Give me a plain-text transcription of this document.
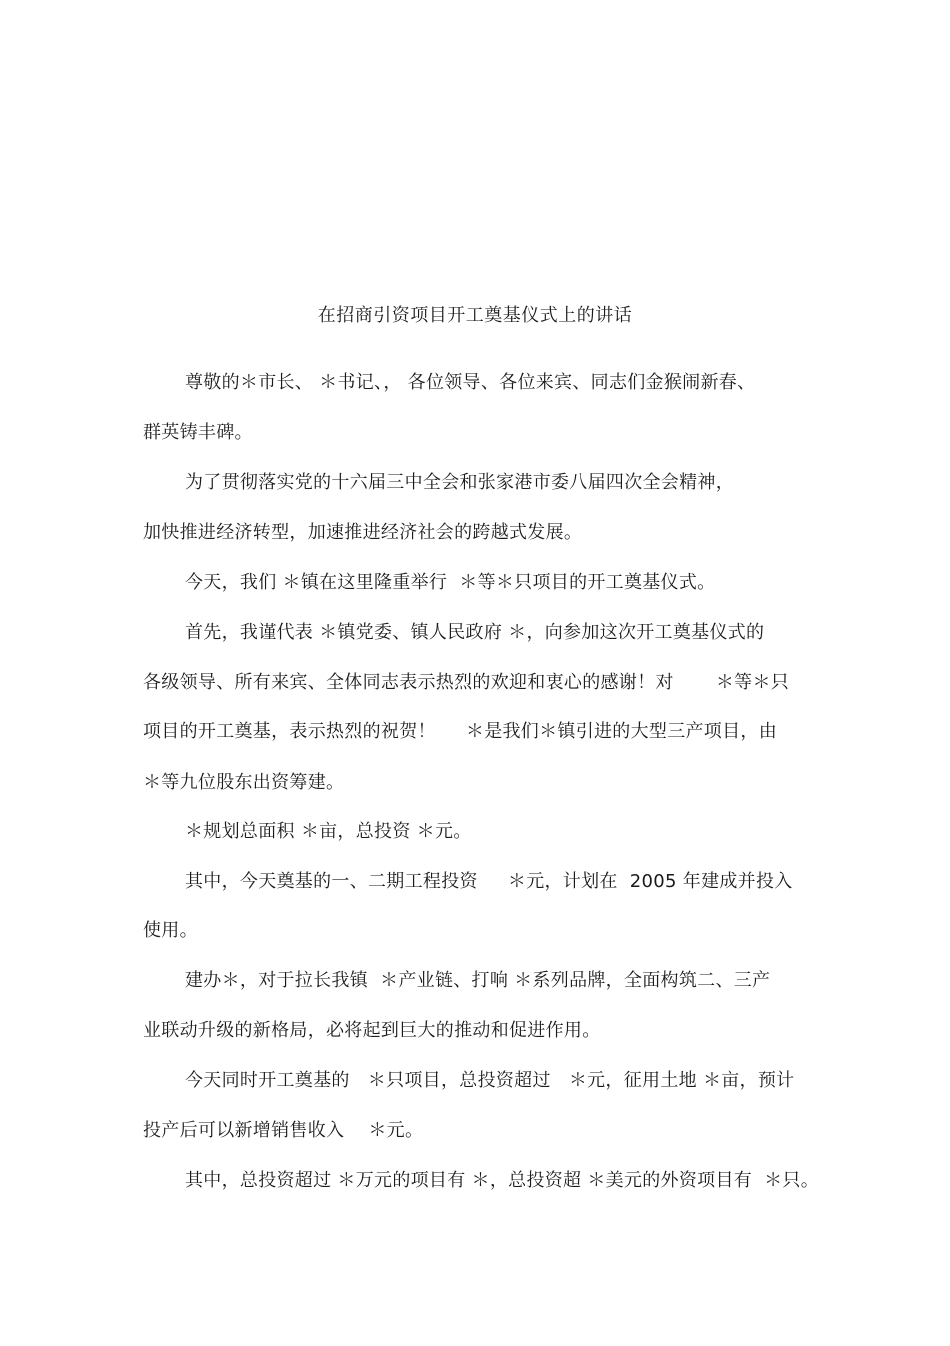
在招商引资项目开工奠基仪式上的讲话
尊敬的＊市长、 ＊书记、， 各位领导、各位来宾、同志们金猴闹新春、
群英铸丰碑。
为了贯彻落实党的十六届三中全会和张家港市委八届四次全会精神，
加快推进经济转型，加速推进经济社会的跨越式发展。
今天，我们 ＊镇在这里隆重举行  ＊等＊只项目的开工奠基仪式。
首先，我谨代表 ＊镇党委、镇人民政府 ＊，向参加这次开工奠基仪式的
各级领导、所有来宾、全体同志表示热烈的欢迎和衷心的感谢！对       ＊等＊只
项目的开工奠基，表示热烈的祝贺！     ＊是我们＊镇引进的大型三产项目，由
＊等九位股东出资筹建。
＊规划总面积 ＊亩，总投资 ＊元。
其中，今天奠基的一、二期工程投资     ＊元，计划在  2005 年建成并投入
使用。
建办＊，对于拉长我镇  ＊产业链、打响 ＊系列品牌，全面构筑二、三产
业联动升级的新格局，必将起到巨大的推动和促进作用。
今天同时开工奠基的   ＊只项目，总投资超过   ＊元，征用土地 ＊亩，预计
投产后可以新增销售收入    ＊元。
其中，总投资超过 ＊万元的项目有 ＊，总投资超 ＊美元的外资项目有  ＊只。
